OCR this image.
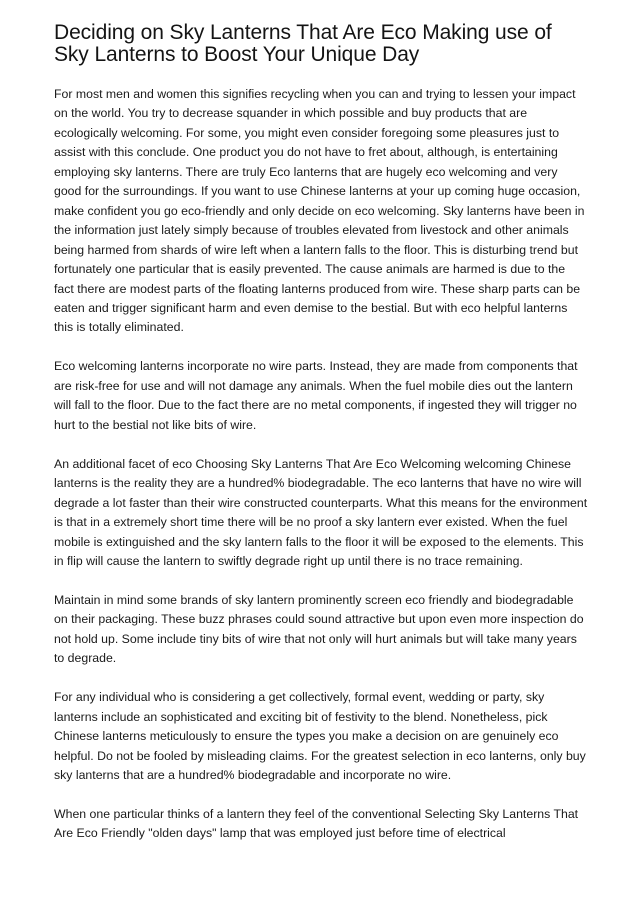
Deciding on Sky Lanterns That Are Eco Making use of Sky Lanterns to Boost Your Unique Day

For most men and women this signifies recycling when you can and trying to lessen your impact on the world. You try to decrease squander in which possible and buy products that are ecologically welcoming. For some, you might even consider foregoing some pleasures just to assist with this conclude. One product you do not have to fret about, although, is entertaining employing sky lanterns. There are truly Eco lanterns that are hugely eco welcoming and very good for the surroundings. If you want to use Chinese lanterns at your up coming huge occasion, make confident you go eco-friendly and only decide on eco welcoming. Sky lanterns have been in the information just lately simply because of troubles elevated from livestock and other animals being harmed from shards of wire left when a lantern falls to the floor. This is disturbing trend but fortunately one particular that is easily prevented. The cause animals are harmed is due to the fact there are modest parts of the floating lanterns produced from wire. These sharp parts can be eaten and trigger significant harm and even demise to the bestial. But with eco helpful lanterns this is totally eliminated.

Eco welcoming lanterns incorporate no wire parts. Instead, they are made from components that are risk-free for use and will not damage any animals. When the fuel mobile dies out the lantern will fall to the floor. Due to the fact there are no metal components, if ingested they will trigger no hurt to the bestial not like bits of wire.

An additional facet of eco Choosing Sky Lanterns That Are Eco Welcoming welcoming Chinese lanterns is the reality they are a hundred% biodegradable. The eco lanterns that have no wire will degrade a lot faster than their wire constructed counterparts. What this means for the environment is that in a extremely short time there will be no proof a sky lantern ever existed. When the fuel mobile is extinguished and the sky lantern falls to the floor it will be exposed to the elements. This in flip will cause the lantern to swiftly degrade right up until there is no trace remaining.

Maintain in mind some brands of sky lantern prominently screen eco friendly and biodegradable on their packaging. These buzz phrases could sound attractive but upon even more inspection do not hold up. Some include tiny bits of wire that not only will hurt animals but will take many years to degrade.

For any individual who is considering a get collectively, formal event, wedding or party, sky lanterns include an sophisticated and exciting bit of festivity to the blend. Nonetheless, pick Chinese lanterns meticulously to ensure the types you make a decision on are genuinely eco helpful. Do not be fooled by misleading claims. For the greatest selection in eco lanterns, only buy sky lanterns that are a hundred% biodegradable and incorporate no wire.

When one particular thinks of a lantern they feel of the conventional Selecting Sky Lanterns That Are Eco Friendly "olden days" lamp that was employed just before time of electrical
